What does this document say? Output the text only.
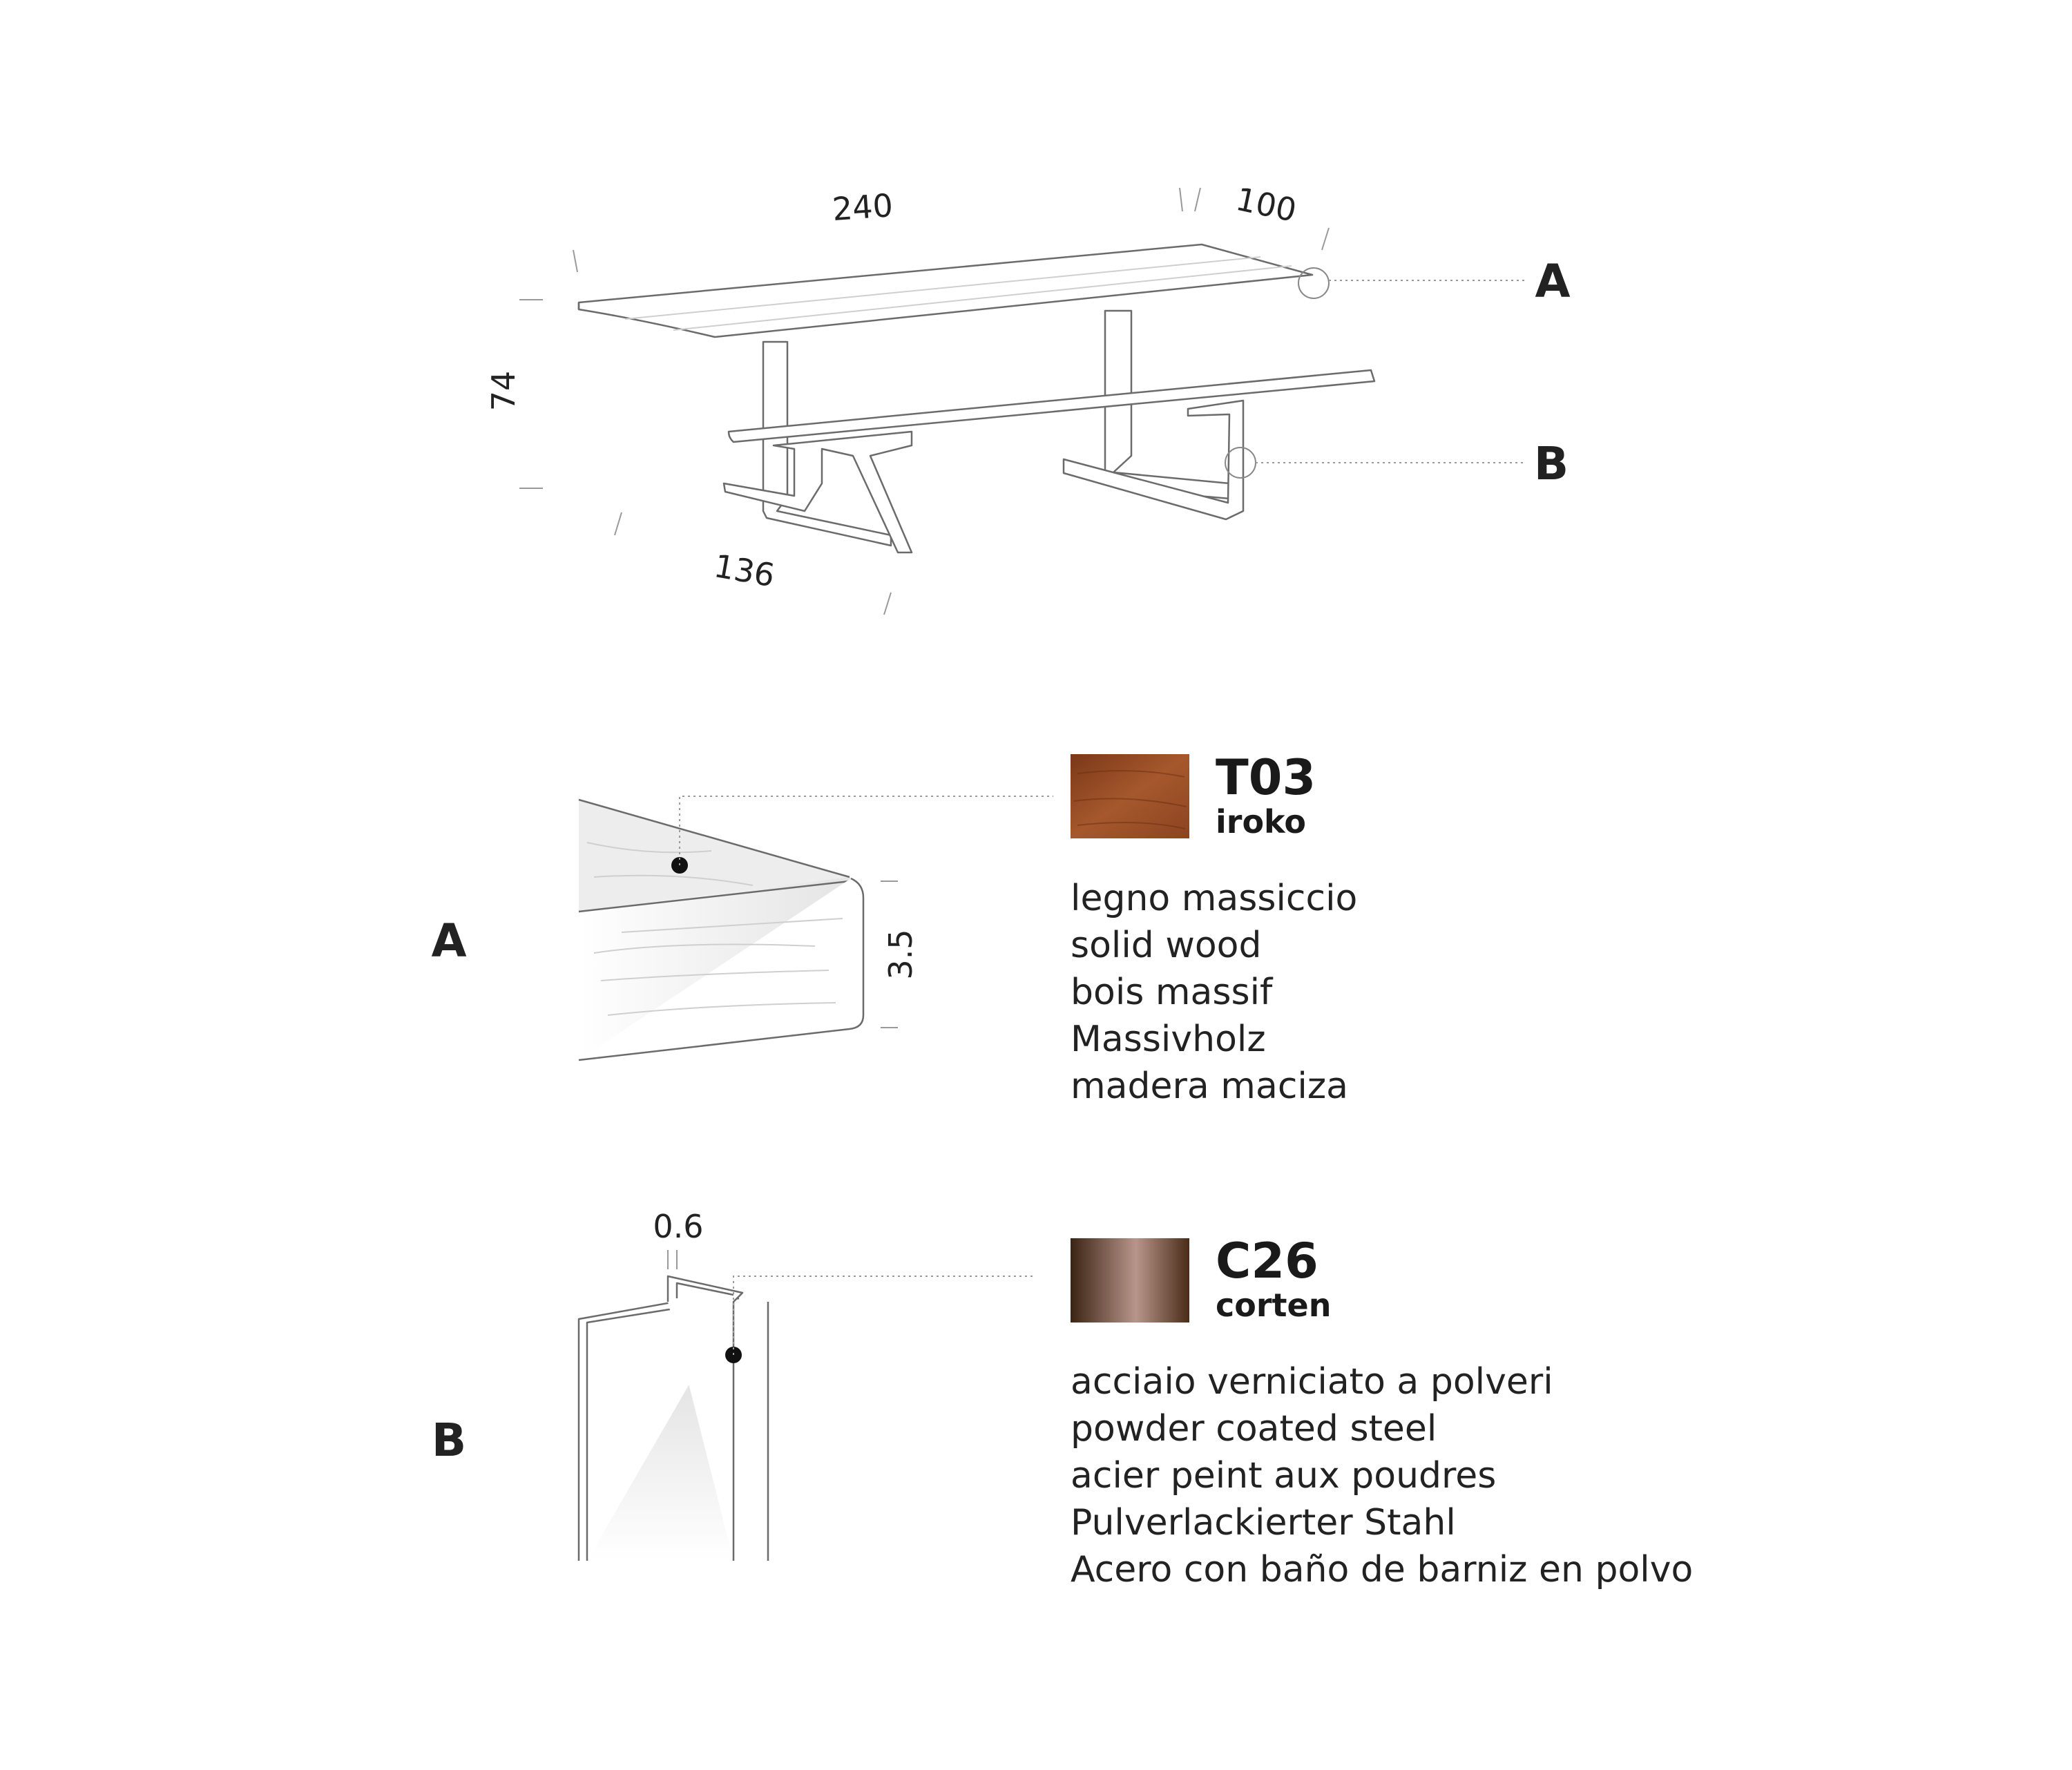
240	100
74
136
A
B
A	3.5
T03
iroko
legno massiccio
solid wood
bois massif
Massivholz
madera maciza
B
0.6
C26
corten
acciaio verniciato a polveri
powder coated steel
acier peint aux poudres
Pulverlackierter Stahl
Acero con baño de barniz en polvo
